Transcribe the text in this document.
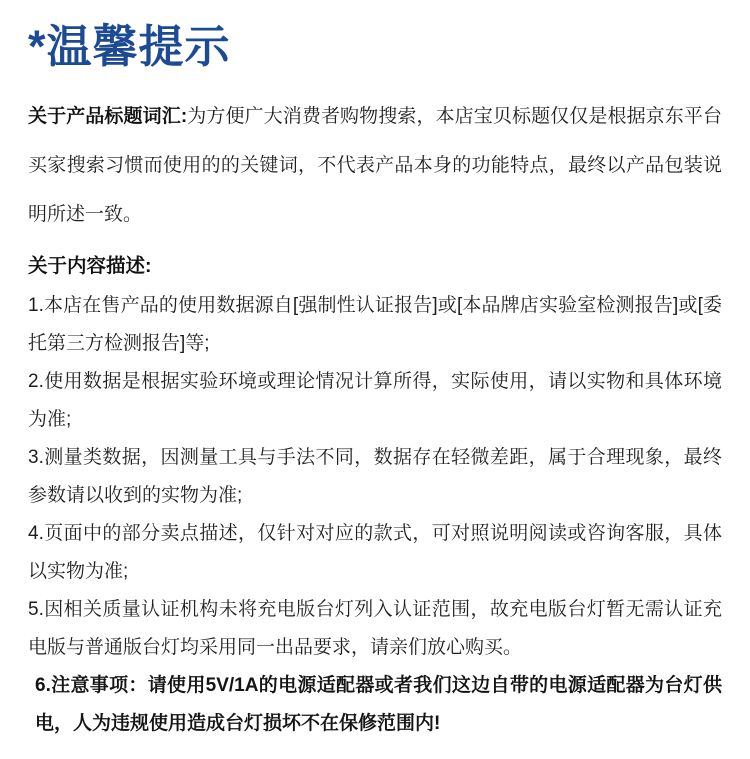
*温馨提示

关于产品标题词汇:为方便广大消费者购物搜索，本店宝贝标题仅仅是根据京东平台买家搜索习惯而使用的的关键词，不代表产品本身的功能特点，最终以产品包装说明所述一致。

关于内容描述:

1.本店在售产品的使用数据源自[强制性认证报告]或[本品牌店实验室检测报告]或[委托第三方检测报告]等;

2.使用数据是根据实验环境或理论情况计算所得，实际使用，请以实物和具体环境为准;

3.测量类数据，因测量工具与手法不同，数据存在轻微差距，属于合理现象，最终参数请以收到的实物为准;

4.页面中的部分卖点描述，仅针对对应的款式，可对照说明阅读或咨询客服，具体以实物为准;

5.因相关质量认证机构未将充电版台灯列入认证范围，故充电版台灯暂无需认证充电版与普通版台灯均采用同一出品要求，请亲们放心购买。

6.注意事项：请使用5V/1A的电源适配器或者我们这边自带的电源适配器为台灯供电，人为违规使用造成台灯损坏不在保修范围内!
